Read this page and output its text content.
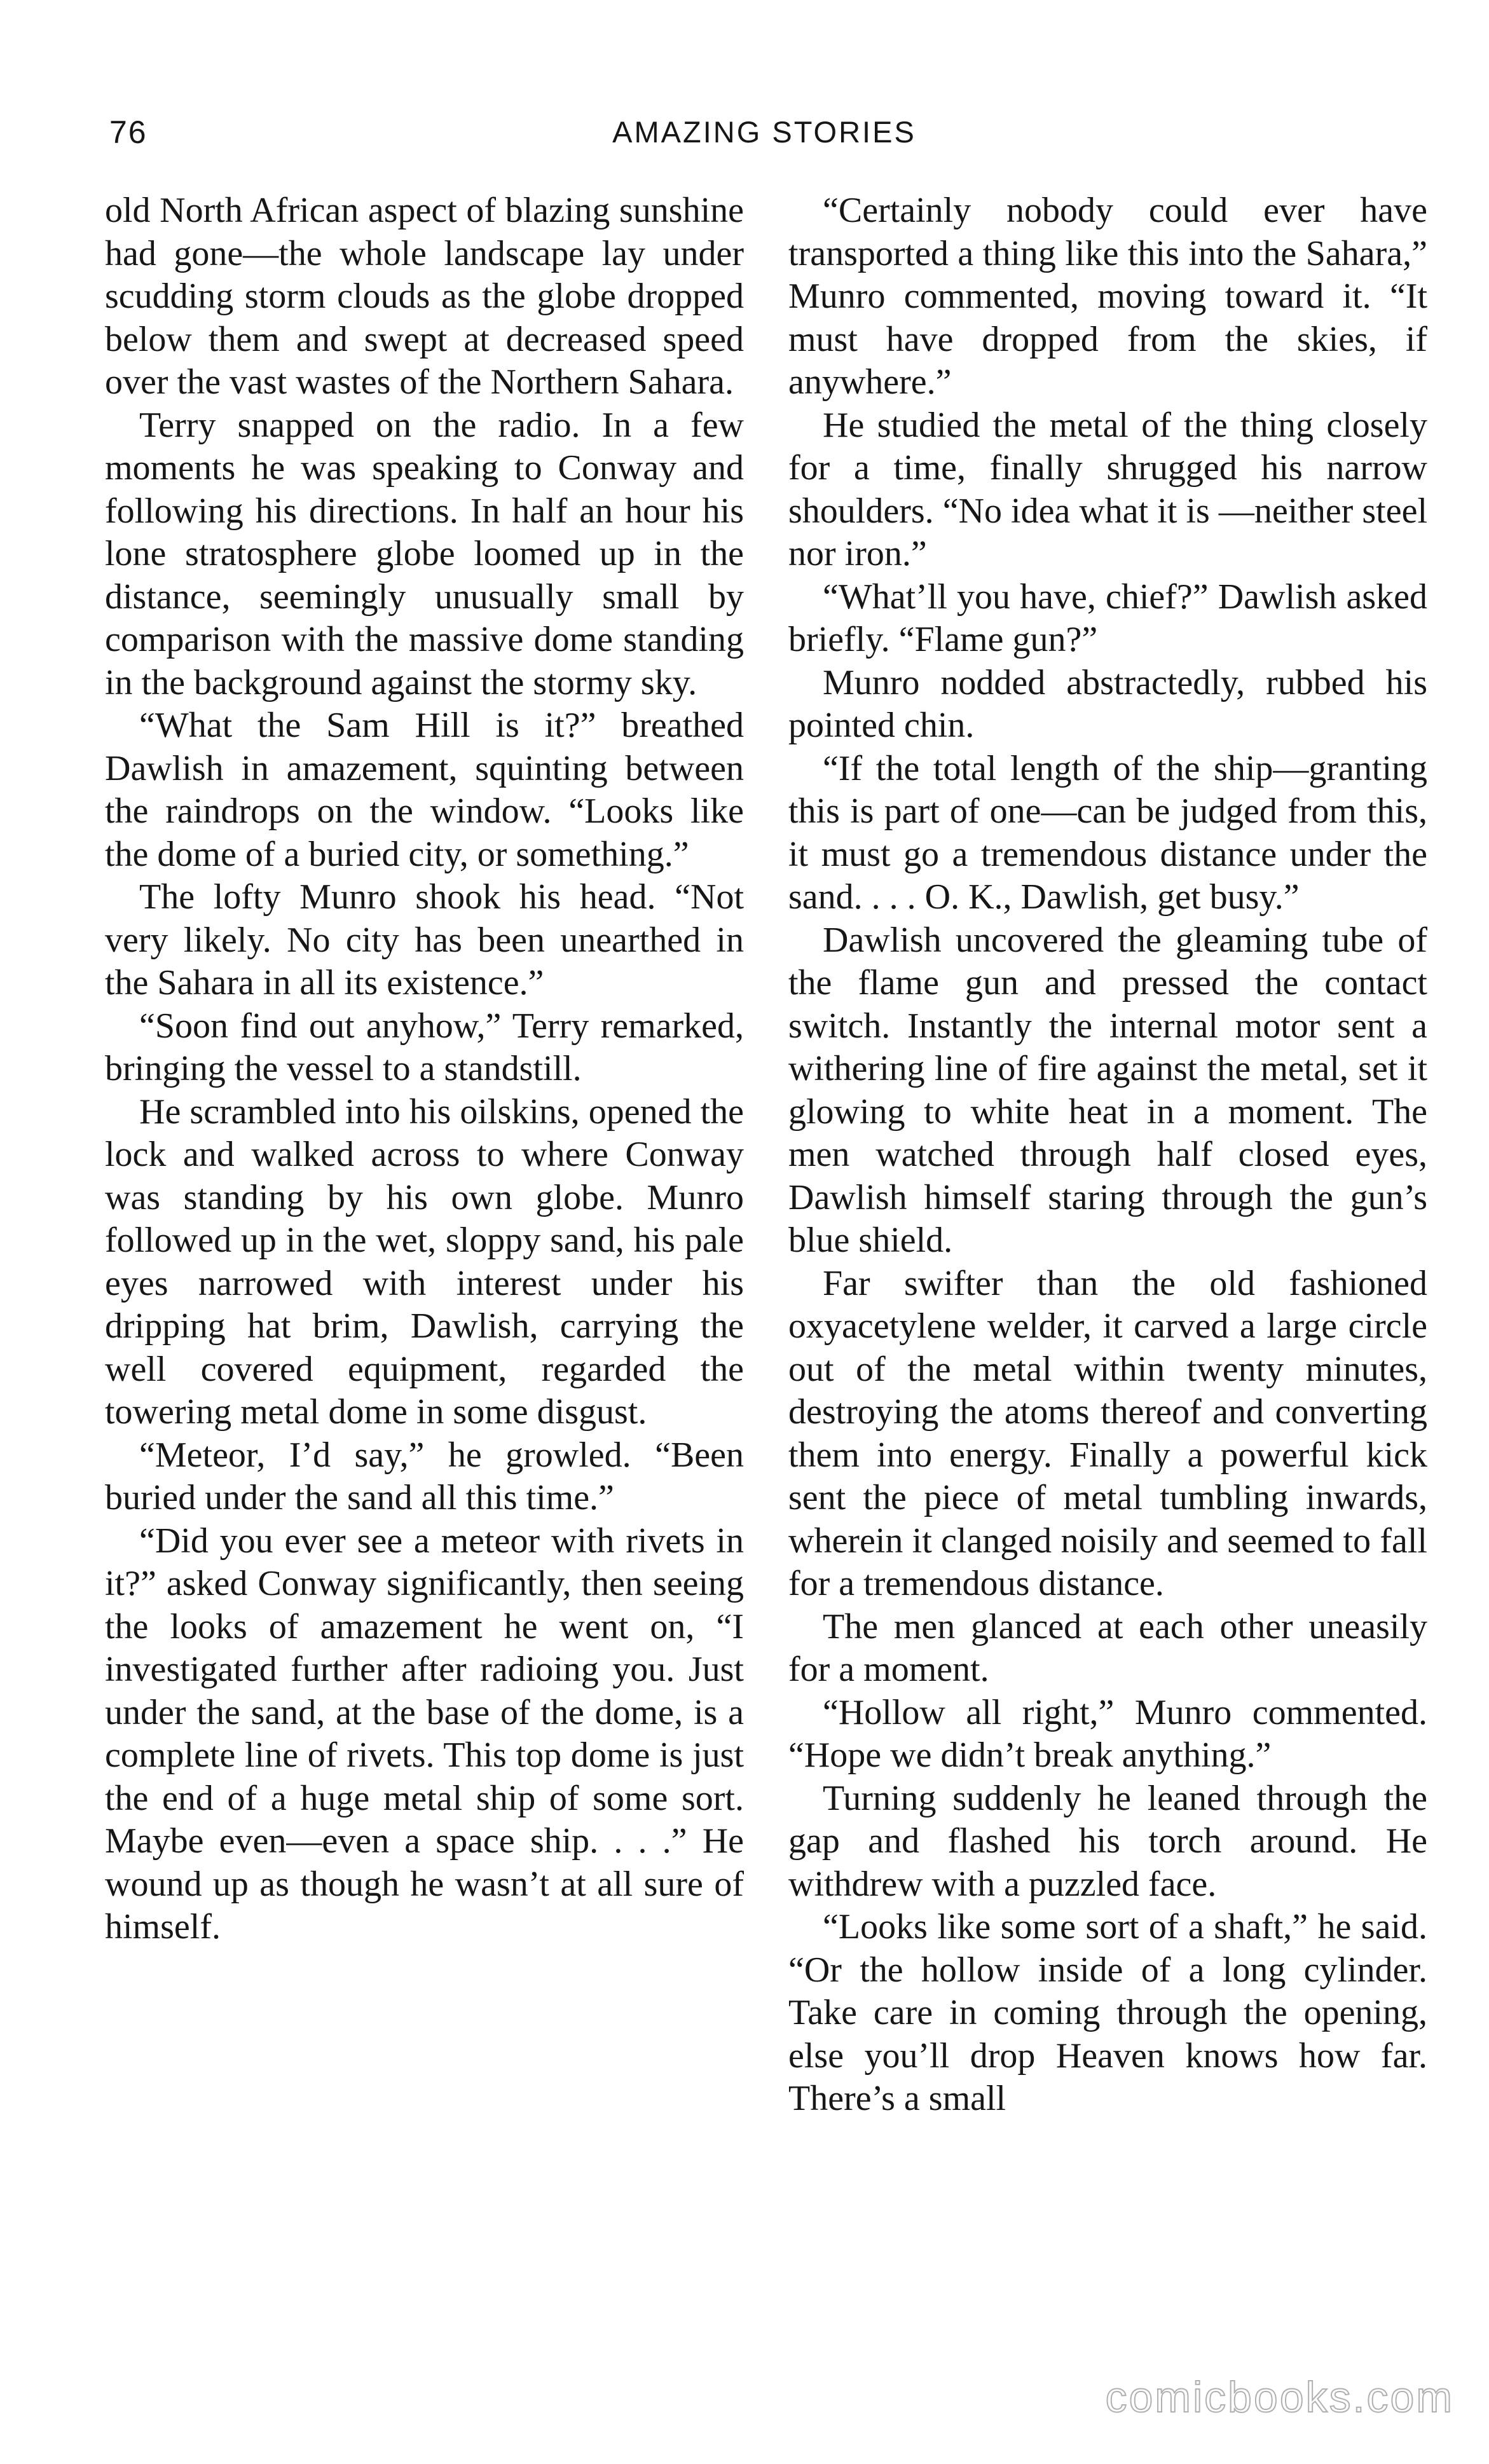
76	AMAZING STORIES

old North African aspect of blazing sunshine had gone—the whole landscape lay under scudding storm clouds as the globe dropped below them and swept at decreased speed over the vast wastes of the Northern Sahara.

Terry snapped on the radio. In a few moments he was speaking to Conway and following his directions. In half an hour his lone stratosphere globe loomed up in the distance, seemingly unusually small by comparison with the massive dome standing in the background against the stormy sky.

“What the Sam Hill is it?” breathed Dawlish in amazement, squinting between the raindrops on the window. “Looks like the dome of a buried city, or something.”

The lofty Munro shook his head. “Not very likely. No city has been unearthed in the Sahara in all its existence.”

“Soon find out anyhow,” Terry remarked, bringing the vessel to a standstill.

He scrambled into his oilskins, opened the lock and walked across to where Conway was standing by his own globe. Munro followed up in the wet, sloppy sand, his pale eyes narrowed with interest under his dripping hat brim, Dawlish, carrying the well covered equipment, regarded the towering metal dome in some disgust.

“Meteor, I’d say,” he growled. “Been buried under the sand all this time.”

“Did you ever see a meteor with rivets in it?” asked Conway significantly, then seeing the looks of amazement he went on, “I investigated further after radioing you. Just under the sand, at the base of the dome, is a complete line of rivets. This top dome is just the end of a huge metal ship of some sort. Maybe even—even a space ship. . . .” He wound up as though he wasn’t at all sure of himself.

“Certainly nobody could ever have transported a thing like this into the Sahara,” Munro commented, moving toward it. “It must have dropped from the skies, if anywhere.”

He studied the metal of the thing closely for a time, finally shrugged his narrow shoulders. “No idea what it is —neither steel nor iron.”

“What’ll you have, chief?” Dawlish asked briefly. “Flame gun?”

Munro nodded abstractedly, rubbed his pointed chin.

“If the total length of the ship—granting this is part of one—can be judged from this, it must go a tremendous distance under the sand. . . . O. K., Dawlish, get busy.”

Dawlish uncovered the gleaming tube of the flame gun and pressed the contact switch. Instantly the internal motor sent a withering line of fire against the metal, set it glowing to white heat in a moment. The men watched through half closed eyes, Dawlish himself staring through the gun’s blue shield.

Far swifter than the old fashioned oxyacetylene welder, it carved a large circle out of the metal within twenty minutes, destroying the atoms thereof and converting them into energy. Finally a powerful kick sent the piece of metal tumbling inwards, wherein it clanged noisily and seemed to fall for a tremendous distance.

The men glanced at each other uneasily for a moment.

“Hollow all right,” Munro commented. “Hope we didn’t break anything.”

Turning suddenly he leaned through the gap and flashed his torch around. He withdrew with a puzzled face.

“Looks like some sort of a shaft,” he said. “Or the hollow inside of a long cylinder. Take care in coming through the opening, else you’ll drop Heaven knows how far. There’s a small

comicbooks.com
